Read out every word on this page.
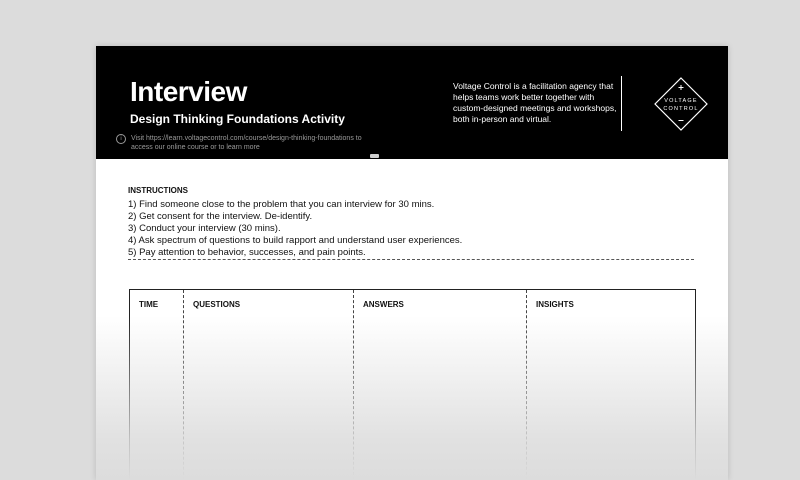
Interview
Design Thinking Foundations Activity
i	Visit https://learn.voltagecontrol.com/course/design-thinking-foundations to access our online course or to learn more
Voltage Control is a facilitation agency that helps teams work better together with custom-designed meetings and workshops, both in-person and virtual.
VOLTAGE
CONTROL
INSTRUCTIONS
1) Find someone close to the problem that you can interview for 30 mins.
2) Get consent for the interview. De-identify.
3) Conduct your interview (30 mins).
4) Ask spectrum of questions to build rapport and understand user experiences.
5) Pay attention to behavior, successes, and pain points.
TIME	QUESTIONS	ANSWERS	INSIGHTS
